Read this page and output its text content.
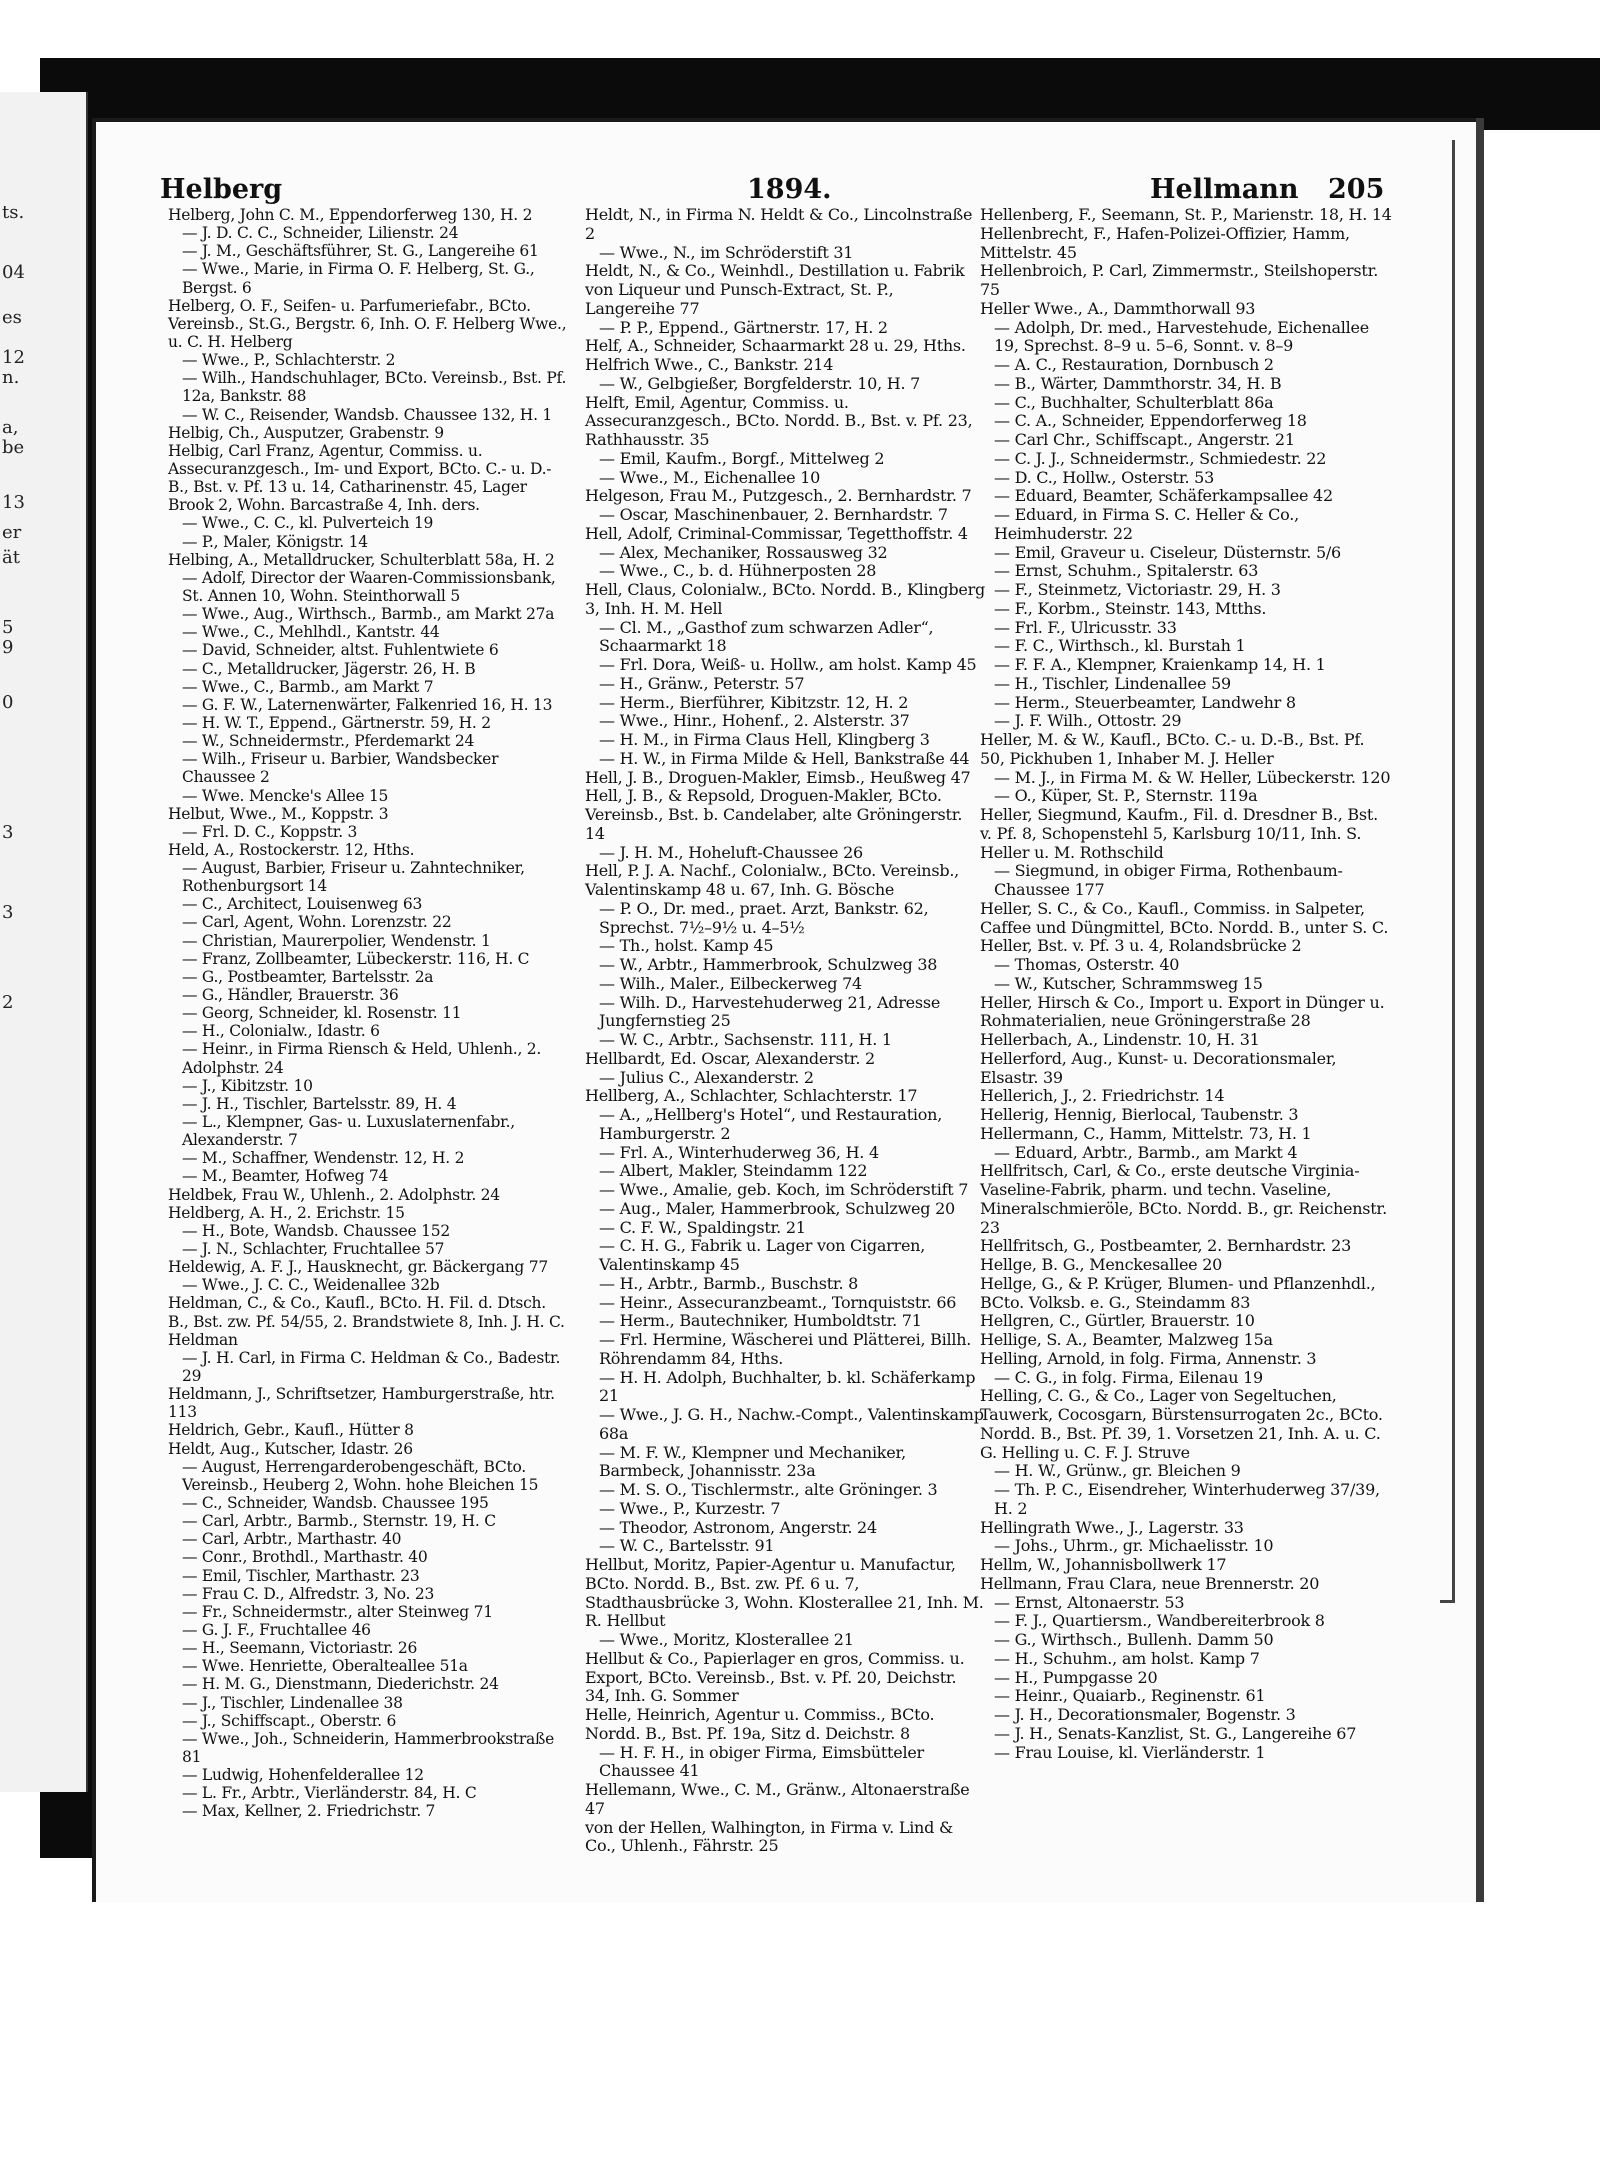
ts.
04
es
12
n.
a,
be
13
er
ät
5
9
0
3
3
2
Helberg	1894.	Hellmann 205

Helberg, John C. M., Eppendorferweg 130, H. 2

— J. D. C. C., Schneider, Lilienstr. 24

— J. M., Geschäftsführer, St. G., Langereihe 61

— Wwe., Marie, in Firma O. F. Helberg, St. G., Bergst. 6

Helberg, O. F., Seifen- u. Parfumeriefabr., BCto. Vereinsb., St.G., Bergstr. 6, Inh. O. F. Helberg Wwe., u. C. H. Helberg

— Wwe., P., Schlachterstr. 2

— Wilh., Handschuhlager, BCto. Vereinsb., Bst. Pf. 12a, Bankstr. 88

— W. C., Reisender, Wandsb. Chaussee 132, H. 1

Helbig, Ch., Ausputzer, Grabenstr. 9

Helbig, Carl Franz, Agentur, Commiss. u. Assecuranzgesch., Im- und Export, BCto. C.- u. D.-B., Bst. v. Pf. 13 u. 14, Catharinenstr. 45, Lager Brook 2, Wohn. Barcastraße 4, Inh. ders.

— Wwe., C. C., kl. Pulverteich 19

— P., Maler, Königstr. 14

Helbing, A., Metalldrucker, Schulterblatt 58a, H. 2

— Adolf, Director der Waaren-Commissionsbank, St. Annen 10, Wohn. Steinthorwall 5

— Wwe., Aug., Wirthsch., Barmb., am Markt 27a

— Wwe., C., Mehlhdl., Kantstr. 44

— David, Schneider, altst. Fuhlentwiete 6

— C., Metalldrucker, Jägerstr. 26, H. B

— Wwe., C., Barmb., am Markt 7

— G. F. W., Laternenwärter, Falkenried 16, H. 13

— H. W. T., Eppend., Gärtnerstr. 59, H. 2

— W., Schneidermstr., Pferdemarkt 24

— Wilh., Friseur u. Barbier, Wandsbecker Chaussee 2

— Wwe. Mencke's Allee 15

Helbut, Wwe., M., Koppstr. 3

— Frl. D. C., Koppstr. 3

Held, A., Rostockerstr. 12, Hths.

— August, Barbier, Friseur u. Zahntechniker, Rothenburgsort 14

— C., Architect, Louisenweg 63

— Carl, Agent, Wohn. Lorenzstr. 22

— Christian, Maurerpolier, Wendenstr. 1

— Franz, Zollbeamter, Lübeckerstr. 116, H. C

— G., Postbeamter, Bartelsstr. 2a

— G., Händler, Brauerstr. 36

— Georg, Schneider, kl. Rosenstr. 11

— H., Colonialw., Idastr. 6

— Heinr., in Firma Riensch & Held, Uhlenh., 2. Adolphstr. 24

— J., Kibitzstr. 10

— J. H., Tischler, Bartelsstr. 89, H. 4

— L., Klempner, Gas- u. Luxuslaternenfabr., Alexanderstr. 7

— M., Schaffner, Wendenstr. 12, H. 2

— M., Beamter, Hofweg 74

Heldbek, Frau W., Uhlenh., 2. Adolphstr. 24

Heldberg, A. H., 2. Erichstr. 15

— H., Bote, Wandsb. Chaussee 152

— J. N., Schlachter, Fruchtallee 57

Heldewig, A. F. J., Hausknecht, gr. Bäckergang 77

— Wwe., J. C. C., Weidenallee 32b

Heldman, C., & Co., Kaufl., BCto. H. Fil. d. Dtsch. B., Bst. zw. Pf. 54/55, 2. Brandstwiete 8, Inh. J. H. C. Heldman

— J. H. Carl, in Firma C. Heldman & Co., Badestr. 29

Heldmann, J., Schriftsetzer, Hamburgerstraße, htr. 113

Heldrich, Gebr., Kaufl., Hütter 8

Heldt, Aug., Kutscher, Idastr. 26

— August, Herrengarderobengeschäft, BCto. Vereinsb., Heuberg 2, Wohn. hohe Bleichen 15

— C., Schneider, Wandsb. Chaussee 195

— Carl, Arbtr., Barmb., Sternstr. 19, H. C

— Carl, Arbtr., Marthastr. 40

— Conr., Brothdl., Marthastr. 40

— Emil, Tischler, Marthastr. 23

— Frau C. D., Alfredstr. 3, No. 23

— Fr., Schneidermstr., alter Steinweg 71

— G. J. F., Fruchtallee 46

— H., Seemann, Victoriastr. 26

— Wwe. Henriette, Oberalteallee 51a

— H. M. G., Dienstmann, Diederichstr. 24

— J., Tischler, Lindenallee 38

— J., Schiffscapt., Oberstr. 6

— Wwe., Joh., Schneiderin, Hammerbrookstraße 81

— Ludwig, Hohenfelderallee 12

— L. Fr., Arbtr., Vierländerstr. 84, H. C

— Max, Kellner, 2. Friedrichstr. 7

Heldt, N., in Firma N. Heldt & Co., Lincolnstraße 2

— Wwe., N., im Schröderstift 31

Heldt, N., & Co., Weinhdl., Destillation u. Fabrik von Liqueur und Punsch-Extract, St. P., Langereihe 77

— P. P., Eppend., Gärtnerstr. 17, H. 2

Helf, A., Schneider, Schaarmarkt 28 u. 29, Hths.

Helfrich Wwe., C., Bankstr. 214

— W., Gelbgießer, Borgfelderstr. 10, H. 7

Helft, Emil, Agentur, Commiss. u. Assecuranzgesch., BCto. Nordd. B., Bst. v. Pf. 23, Rathhausstr. 35

— Emil, Kaufm., Borgf., Mittelweg 2

— Wwe., M., Eichenallee 10

Helgeson, Frau M., Putzgesch., 2. Bernhardstr. 7

— Oscar, Maschinenbauer, 2. Bernhardstr. 7

Hell, Adolf, Criminal-Commissar, Tegetthoffstr. 4

— Alex, Mechaniker, Rossausweg 32

— Wwe., C., b. d. Hühnerposten 28

Hell, Claus, Colonialw., BCto. Nordd. B., Klingberg 3, Inh. H. M. Hell

— Cl. M., „Gasthof zum schwarzen Adler“, Schaarmarkt 18

— Frl. Dora, Weiß- u. Hollw., am holst. Kamp 45

— H., Gränw., Peterstr. 57

— Herm., Bierführer, Kibitzstr. 12, H. 2

— Wwe., Hinr., Hohenf., 2. Alsterstr. 37

— H. M., in Firma Claus Hell, Klingberg 3

— H. W., in Firma Milde & Hell, Bankstraße 44

Hell, J. B., Droguen-Makler, Eimsb., Heußweg 47

Hell, J. B., & Repsold, Droguen-Makler, BCto. Vereinsb., Bst. b. Candelaber, alte Gröningerstr. 14

— J. H. M., Hoheluft-Chaussee 26

Hell, P. J. A. Nachf., Colonialw., BCto. Vereinsb., Valentinskamp 48 u. 67, Inh. G. Bösche

— P. O., Dr. med., praet. Arzt, Bankstr. 62, Sprechst. 7½–9½ u. 4–5½

— Th., holst. Kamp 45

— W., Arbtr., Hammerbrook, Schulzweg 38

— Wilh., Maler., Eilbeckerweg 74

— Wilh. D., Harvestehuderweg 21, Adresse Jungfernstieg 25

— W. C., Arbtr., Sachsenstr. 111, H. 1

Hellbardt, Ed. Oscar, Alexanderstr. 2

— Julius C., Alexanderstr. 2

Hellberg, A., Schlachter, Schlachterstr. 17

— A., „Hellberg's Hotel“, und Restauration, Hamburgerstr. 2

— Frl. A., Winterhuderweg 36, H. 4

— Albert, Makler, Steindamm 122

— Wwe., Amalie, geb. Koch, im Schröderstift 7

— Aug., Maler, Hammerbrook, Schulzweg 20

— C. F. W., Spaldingstr. 21

— C. H. G., Fabrik u. Lager von Cigarren, Valentinskamp 45

— H., Arbtr., Barmb., Buschstr. 8

— Heinr., Assecuranzbeamt., Tornquiststr. 66

— Herm., Bautechniker, Humboldtstr. 71

— Frl. Hermine, Wäscherei und Plätterei, Billh. Röhrendamm 84, Hths.

— H. H. Adolph, Buchhalter, b. kl. Schäferkamp 21

— Wwe., J. G. H., Nachw.-Compt., Valentinskamp 68a

— M. F. W., Klempner und Mechaniker, Barmbeck, Johannisstr. 23a

— M. S. O., Tischlermstr., alte Gröninger. 3

— Wwe., P., Kurzestr. 7

— Theodor, Astronom, Angerstr. 24

— W. C., Bartelsstr. 91

Hellbut, Moritz, Papier-Agentur u. Manufactur, BCto. Nordd. B., Bst. zw. Pf. 6 u. 7, Stadthausbrücke 3, Wohn. Klosterallee 21, Inh. M. R. Hellbut

— Wwe., Moritz, Klosterallee 21

Hellbut & Co., Papierlager en gros, Commiss. u. Export, BCto. Vereinsb., Bst. v. Pf. 20, Deichstr. 34, Inh. G. Sommer

Helle, Heinrich, Agentur u. Commiss., BCto. Nordd. B., Bst. Pf. 19a, Sitz d. Deichstr. 8

— H. F. H., in obiger Firma, Eimsbütteler Chaussee 41

Hellemann, Wwe., C. M., Gränw., Altonaerstraße 47

von der Hellen, Walhington, in Firma v. Lind & Co., Uhlenh., Fährstr. 25

Hellenberg, F., Seemann, St. P., Marienstr. 18, H. 14

Hellenbrecht, F., Hafen-Polizei-Offizier, Hamm, Mittelstr. 45

Hellenbroich, P. Carl, Zimmermstr., Steilshoperstr. 75

Heller Wwe., A., Dammthorwall 93

— Adolph, Dr. med., Harvestehude, Eichenallee 19, Sprechst. 8–9 u. 5–6, Sonnt. v. 8–9

— A. C., Restauration, Dornbusch 2

— B., Wärter, Dammthorstr. 34, H. B

— C., Buchhalter, Schulterblatt 86a

— C. A., Schneider, Eppendorferweg 18

— Carl Chr., Schiffscapt., Angerstr. 21

— C. J. J., Schneidermstr., Schmiedestr. 22

— D. C., Hollw., Osterstr. 53

— Eduard, Beamter, Schäferkampsallee 42

— Eduard, in Firma S. C. Heller & Co., Heimhuderstr. 22

— Emil, Graveur u. Ciseleur, Düsternstr. 5/6

— Ernst, Schuhm., Spitalerstr. 63

— F., Steinmetz, Victoriastr. 29, H. 3

— F., Korbm., Steinstr. 143, Mtths.

— Frl. F., Ulricusstr. 33

— F. C., Wirthsch., kl. Burstah 1

— F. F. A., Klempner, Kraienkamp 14, H. 1

— H., Tischler, Lindenallee 59

— Herm., Steuerbeamter, Landwehr 8

— J. F. Wilh., Ottostr. 29

Heller, M. & W., Kaufl., BCto. C.- u. D.-B., Bst. Pf. 50, Pickhuben 1, Inhaber M. J. Heller

— M. J., in Firma M. & W. Heller, Lübeckerstr. 120

— O., Küper, St. P., Sternstr. 119a

Heller, Siegmund, Kaufm., Fil. d. Dresdner B., Bst. v. Pf. 8, Schopenstehl 5, Karlsburg 10/11, Inh. S. Heller u. M. Rothschild

— Siegmund, in obiger Firma, Rothenbaum-Chaussee 177

Heller, S. C., & Co., Kaufl., Commiss. in Salpeter, Caffee und Düngmittel, BCto. Nordd. B., unter S. C. Heller, Bst. v. Pf. 3 u. 4, Rolandsbrücke 2

— Thomas, Osterstr. 40

— W., Kutscher, Schrammsweg 15

Heller, Hirsch & Co., Import u. Export in Dünger u. Rohmaterialien, neue Gröningerstraße 28

Hellerbach, A., Lindenstr. 10, H. 31

Hellerford, Aug., Kunst- u. Decorationsmaler, Elsastr. 39

Hellerich, J., 2. Friedrichstr. 14

Hellerig, Hennig, Bierlocal, Taubenstr. 3

Hellermann, C., Hamm, Mittelstr. 73, H. 1

— Eduard, Arbtr., Barmb., am Markt 4

Hellfritsch, Carl, & Co., erste deutsche Virginia-Vaseline-Fabrik, pharm. und techn. Vaseline, Mineralschmieröle, BCto. Nordd. B., gr. Reichenstr. 23

Hellfritsch, G., Postbeamter, 2. Bernhardstr. 23

Hellge, B. G., Menckesallee 20

Hellge, G., & P. Krüger, Blumen- und Pflanzenhdl., BCto. Volksb. e. G., Steindamm 83

Hellgren, C., Gürtler, Brauerstr. 10

Hellige, S. A., Beamter, Malzweg 15a

Helling, Arnold, in folg. Firma, Annenstr. 3

— C. G., in folg. Firma, Eilenau 19

Helling, C. G., & Co., Lager von Segeltuchen, Tauwerk, Cocosgarn, Bürstensurrogaten 2c., BCto. Nordd. B., Bst. Pf. 39, 1. Vorsetzen 21, Inh. A. u. C. G. Helling u. C. F. J. Struve

— H. W., Grünw., gr. Bleichen 9

— Th. P. C., Eisendreher, Winterhuderweg 37/39, H. 2

Hellingrath Wwe., J., Lagerstr. 33

— Johs., Uhrm., gr. Michaelisstr. 10

Hellm, W., Johannisbollwerk 17

Hellmann, Frau Clara, neue Brennerstr. 20

— Ernst, Altonaerstr. 53

— F. J., Quartiersm., Wandbereiterbrook 8

— G., Wirthsch., Bullenh. Damm 50

— H., Schuhm., am holst. Kamp 7

— H., Pumpgasse 20

— Heinr., Quaiarb., Reginenstr. 61

— J. H., Decorationsmaler, Bogenstr. 3

— J. H., Senats-Kanzlist, St. G., Langereihe 67

— Frau Louise, kl. Vierländerstr. 1
